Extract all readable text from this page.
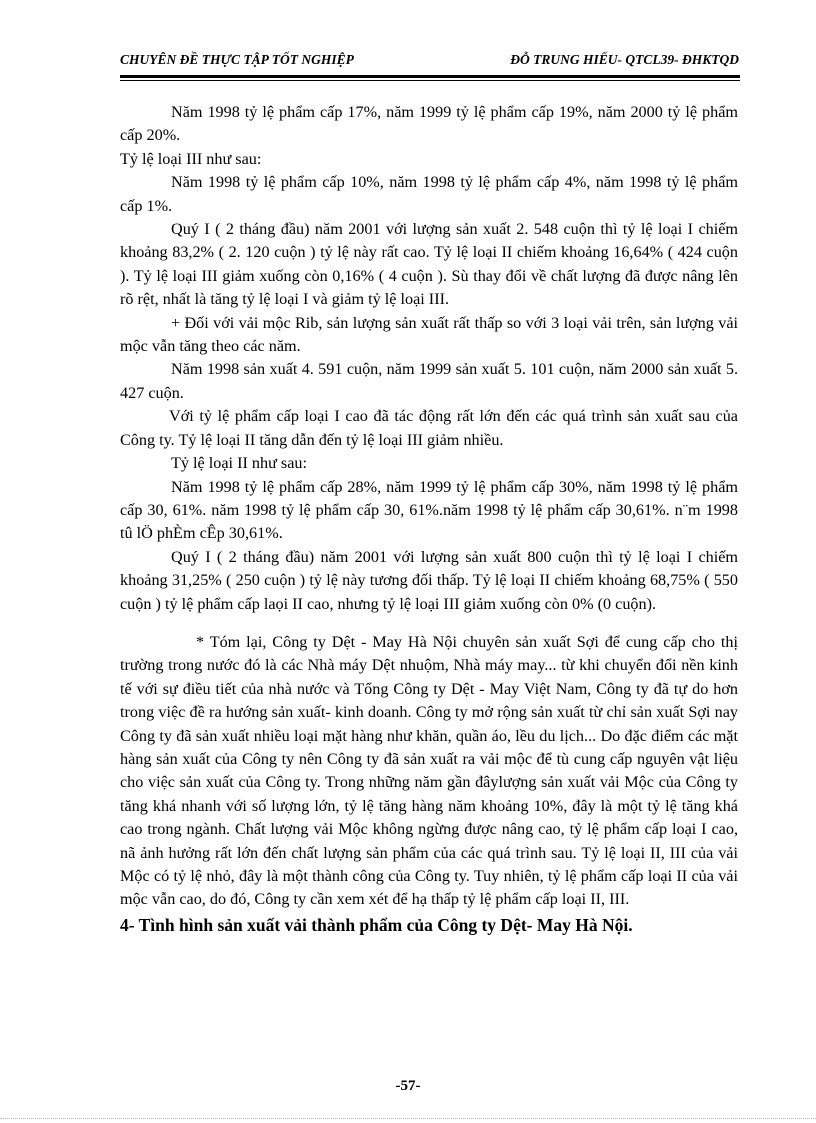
CHUYÊN ĐỀ THỰC TẬP TỐT NGHIỆP	ĐỖ TRUNG HIẾU- QTCL39- ĐHKTQD

Năm 1998 tỷ lệ phẩm cấp 17%, năm 1999 tỷ lệ phẩm cấp 19%, năm 2000 tỷ lệ phẩm cấp 20%.

Tỷ lệ loại III như sau:

Năm 1998 tỷ lệ phẩm cấp 10%, năm 1998 tỷ lệ phẩm cấp 4%, năm 1998 tỷ lệ phẩm cấp 1%.

Quý I ( 2 tháng đầu) năm 2001 với lượng sản xuất 2. 548 cuộn thì tỷ lệ loại I chiếm khoảng 83,2% ( 2. 120 cuộn ) tỷ lệ này rất cao. Tỷ lệ loại II chiếm khoảng 16,64% ( 424 cuộn ). Tỷ lệ loại III giảm xuống còn 0,16% ( 4 cuộn ). Sù thay đổi về chất lượng đã được nâng lên rõ rệt, nhất là tăng tỷ lệ loại I và giảm tỷ lệ loại III.

+ Đối với vải mộc Rib, sản lượng sản xuất rất thấp so với 3 loại vải trên, sản lượng vải mộc vẫn tăng theo các năm.

Năm 1998 sản xuất 4. 591 cuộn, năm 1999 sản xuất 5. 101 cuộn, năm 2000 sản xuất 5. 427 cuộn.

Với tỷ lệ phẩm cấp loại I cao đã tác động rất lớn đến các quá trình sản xuất sau của Công ty. Tỷ lệ loại II tăng dẫn đến tỷ lệ loại III giảm nhiều.

Tỷ lệ loại II như sau:

Năm 1998 tỷ lệ phẩm cấp 28%, năm 1999 tỷ lệ phẩm cấp 30%, năm 1998 tỷ lệ phẩm cấp 30, 61%. năm 1998 tỷ lệ phẩm cấp 30, 61%.năm 1998 tỷ lệ phẩm cấp 30,61%. n¨m 1998 tû lÖ phÈm cÊp 30,61%.

Quý I ( 2 tháng đầu) năm 2001 với lượng sản xuất 800 cuộn thì tỷ lệ loại I chiếm khoảng 31,25% ( 250 cuộn ) tỷ lệ này tương đối thấp. Tỷ lệ loại II chiếm khoảng 68,75% ( 550 cuộn ) tỷ lệ phẩm cấp laọi II cao, nhưng tỷ lệ loại III giảm xuống còn 0% (0 cuộn).

* Tóm lại, Công ty Dệt - May Hà Nội chuyên sản xuất Sợi để cung cấp cho thị trường trong nước đó là các Nhà máy Dệt nhuộm, Nhà máy may... từ khi chuyển đổi nền kinh tế với sự điều tiết của nhà nước và Tổng Công ty Dệt - May Việt Nam, Công ty đã tự do hơn trong việc đề ra hướng sản xuất- kinh doanh. Công ty mở rộng sản xuất từ chỉ sản xuất Sợi nay Công ty đã sản xuất nhiều loại mặt hàng như khăn, quần áo, lều du lịch... Do đặc điểm các mặt hàng sản xuất của Công ty nên Công ty đã sản xuất ra vải mộc để tù cung cấp nguyên vật liệu cho việc sản xuất của Công ty. Trong những năm gần đâylượng sản xuất vải Mộc của Công ty tăng khá nhanh với số lượng lớn, tỷ lệ tăng hàng năm khoảng 10%, đây là một tỷ lệ tăng khá cao trong ngành. Chất lượng vải Mộc không ngừng được nâng cao, tỷ lệ phẩm cấp loại I cao, nã ảnh hưởng rất lớn đến chất lượng sản phẩm của các quá trình sau. Tỷ lệ loại II, III của vải Mộc có tỷ lệ nhỏ, đây là một thành công của Công ty. Tuy nhiên, tỷ lệ phẩm cấp loại II của vải mộc vẫn cao, do đó, Công ty cần xem xét để hạ thấp tỷ lệ phẩm cấp loại II, III.

4- Tình hình sản xuất vải thành phẩm của Công ty Dệt- May Hà Nội.

-57-
